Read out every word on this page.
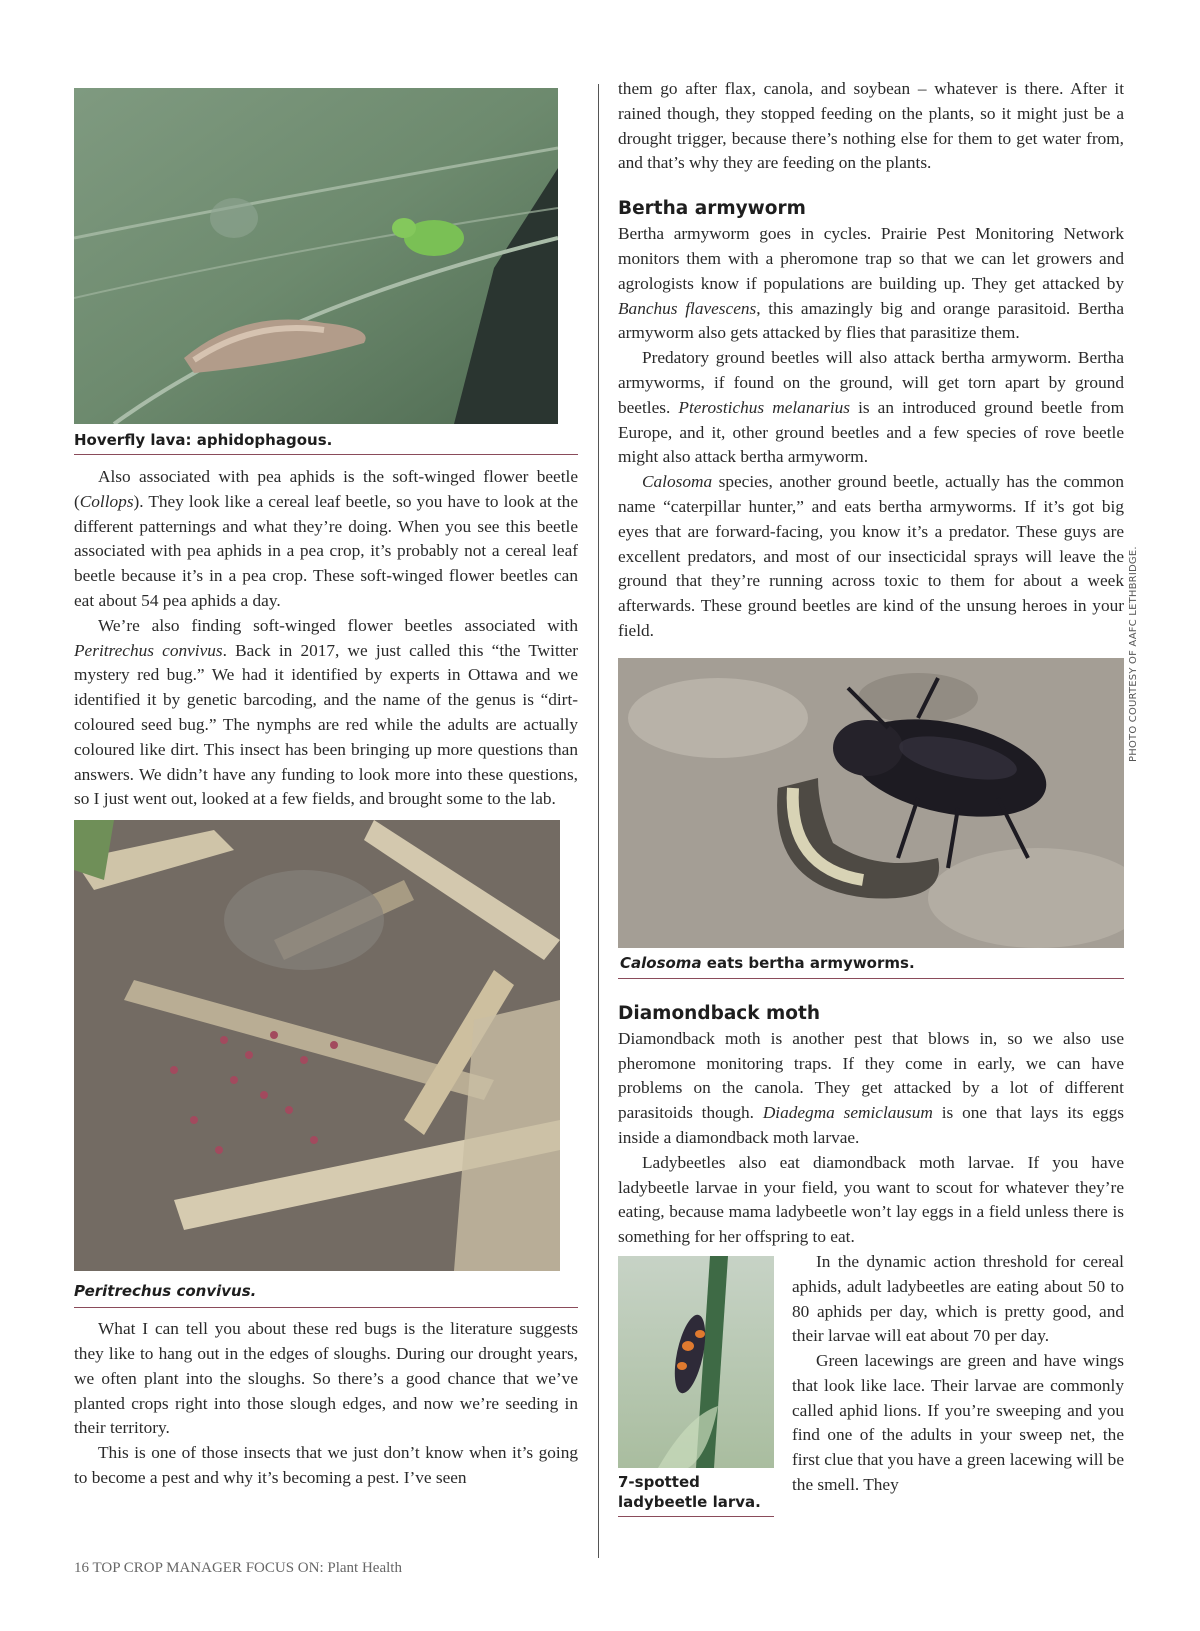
Hoverfly lava: aphidophagous.

Also associated with pea aphids is the soft-winged flower beetle (Collops). They look like a cereal leaf beetle, so you have to look at the different patternings and what they’re doing. When you see this beetle associated with pea aphids in a pea crop, it’s probably not a cereal leaf beetle because it’s in a pea crop. These soft-winged flower beetles can eat about 54 pea aphids a day.

We’re also finding soft-winged flower beetles associated with Peritrechus convivus. Back in 2017, we just called this “the Twitter mystery red bug.” We had it identified by experts in Ottawa and we identified it by genetic barcoding, and the name of the genus is “dirt-coloured seed bug.” The nymphs are red while the adults are actually coloured like dirt. This insect has been bringing up more questions than answers. We didn’t have any funding to look more into these questions, so I just went out, looked at a few fields, and brought some to the lab.

Peritrechus convivus.

What I can tell you about these red bugs is the literature suggests they like to hang out in the edges of sloughs. During our drought years, we often plant into the sloughs. So there’s a good chance that we’ve planted crops right into those slough edges, and now we’re seeding in their territory.

This is one of those insects that we just don’t know when it’s going to become a pest and why it’s becoming a pest. I’ve seen

them go after flax, canola, and soybean – whatever is there. After it rained though, they stopped feeding on the plants, so it might just be a drought trigger, because there’s nothing else for them to get water from, and that’s why they are feeding on the plants.

Bertha armyworm

Bertha armyworm goes in cycles. Prairie Pest Monitoring Network monitors them with a pheromone trap so that we can let growers and agrologists know if populations are building up. They get attacked by Banchus flavescens, this amazingly big and orange parasitoid. Bertha armyworm also gets attacked by flies that parasitize them.

Predatory ground beetles will also attack bertha armyworm. Bertha armyworms, if found on the ground, will get torn apart by ground beetles. Pterostichus melanarius is an introduced ground beetle from Europe, and it, other ground beetles and a few species of rove beetle might also attack bertha armyworm.

Calosoma species, another ground beetle, actually has the common name “caterpillar hunter,” and eats bertha armyworms. If it’s got big eyes that are forward-facing, you know it’s a predator. These guys are excellent predators, and most of our insecticidal sprays will leave the ground that they’re running across toxic to them for about a week afterwards. These ground beetles are kind of the unsung heroes in your field.

Calosoma eats bertha armyworms.
Diamondback moth

Diamondback moth is another pest that blows in, so we also use pheromone monitoring traps. If they come in early, we can have problems on the canola. They get attacked by a lot of different parasitoids though. Diadegma semiclausum is one that lays its eggs inside a diamondback moth larvae.

Ladybeetles also eat diamondback moth larvae. If you have ladybeetle larvae in your field, you want to scout for whatever they’re eating, because mama ladybeetle won’t lay eggs in a field unless there is something for her offspring to eat.

7-spotted ladybeetle larva.

In the dynamic action threshold for cereal aphids, adult ladybeetles are eating about 50 to 80 aphids per day, which is pretty good, and their larvae will eat about 70 per day.

Green lacewings are green and have wings that look like lace. Their larvae are commonly called aphid lions. If you’re sweeping and you find one of the adults in your sweep net, the first clue that you have a green lacewing will be the smell. They

PHOTO COURTESY OF AAFC LETHBRIDGE.
16 TOP CROP MANAGER FOCUS ON: Plant Health
